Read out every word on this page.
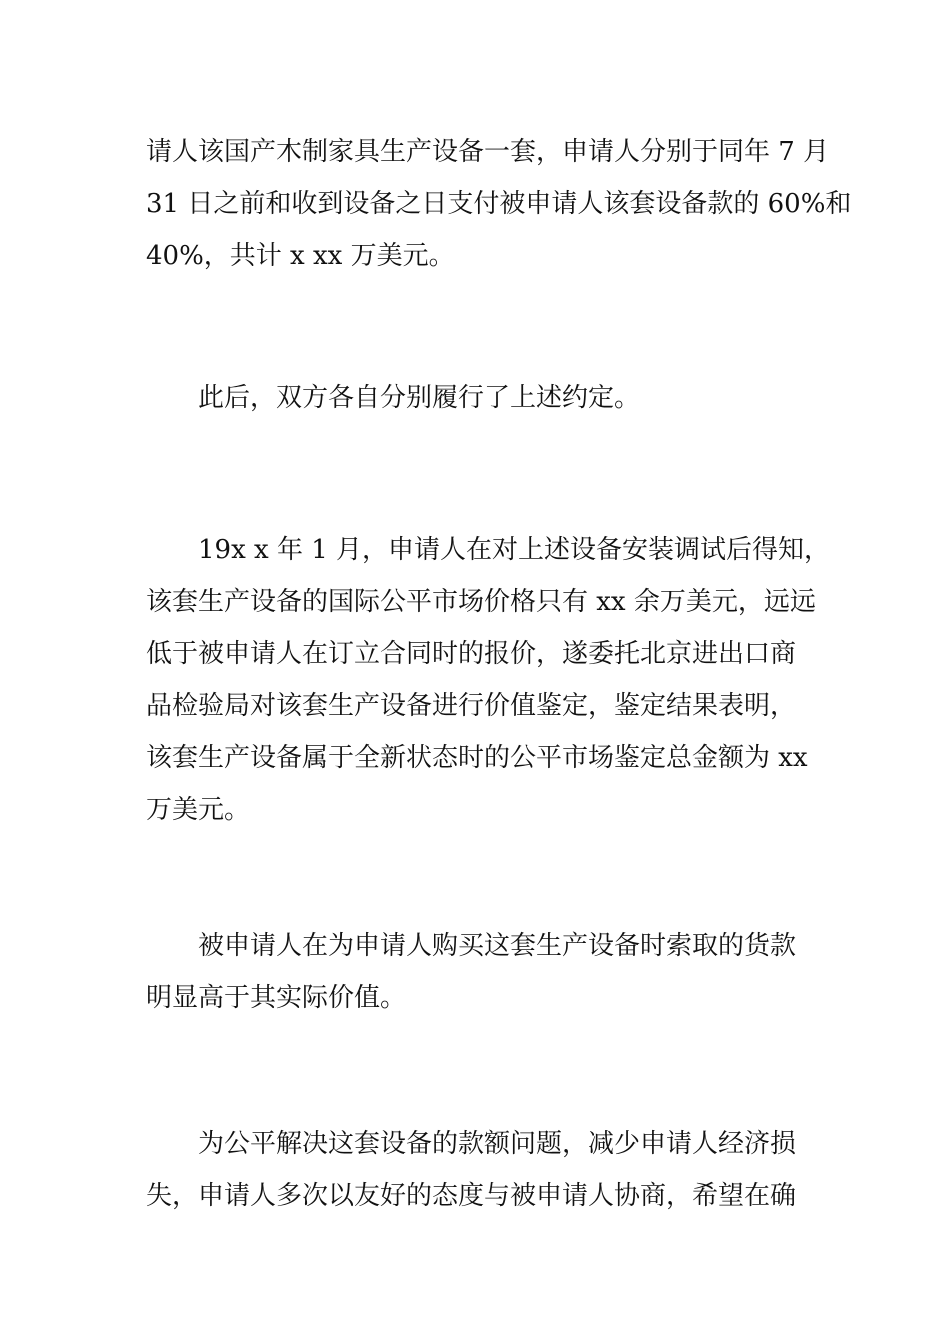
请人该国产木制家具生产设备一套，申请人分别于同年 7 月
31 日之前和收到设备之日支付被申请人该套设备款的 60%和
40%，共计 x xx 万美元。

此后，双方各自分别履行了上述约定。

19x x 年 1 月，申请人在对上述设备安装调试后得知，
该套生产设备的国际公平市场价格只有 xx 余万美元，远远
低于被申请人在订立合同时的报价，遂委托北京进出口商
品检验局对该套生产设备进行价值鉴定，鉴定结果表明，
该套生产设备属于全新状态时的公平市场鉴定总金额为 xx
万美元。

被申请人在为申请人购买这套生产设备时索取的货款
明显高于其实际价值。

为公平解决这套设备的款额问题，减少申请人经济损
失，申请人多次以友好的态度与被申请人协商，希望在确
